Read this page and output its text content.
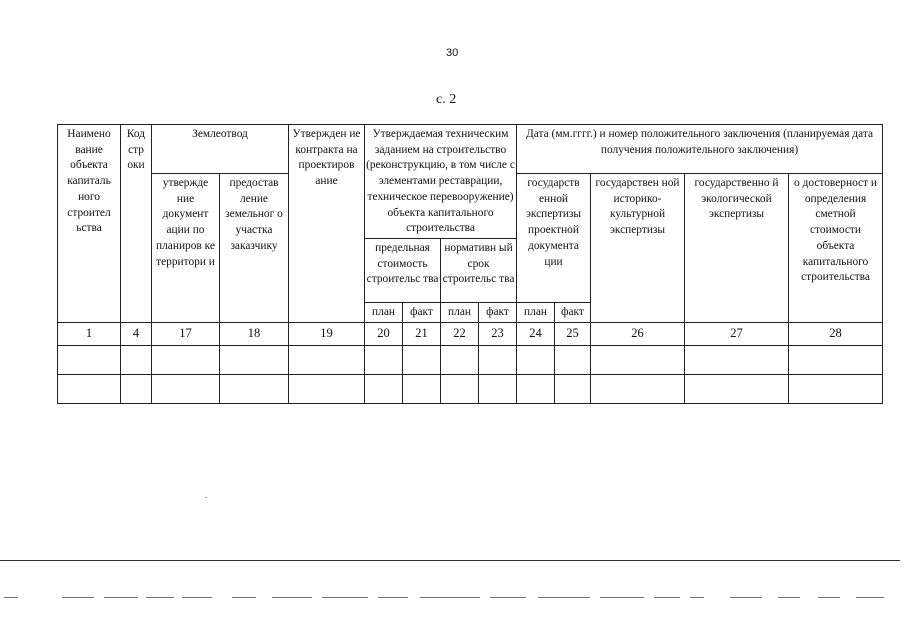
30
с. 2
Наимено вание объекта капиталь ного строител ьства	Код стр оки	Землеотвод		Утвержден ие контракта на проектиров ание	Утверждаемая техническим заданием на строительство (реконструкцию, в том числе с элементами реставрации, техническое перевооружение) объекта капитального строительства				Дата (мм.гггг.) и номер положительного заключения (планируемая дата получения положительного заключения)				
		утвержде ние документ ации по планиров ке территори и	предостав ление земельног о участка заказчику						государств енной экспертизы проектной документа ции		государствен ной историко- культурной экспертизы	государственно й экологической экспертизы	о достоверност и определения сметной стоимости объекта капитального строительства
					предельная стоимость строительс тва		нормативн ый срок строительс тва						
					план	факт	план	факт	план	факт			
1	4	17	18	19	20	21	22	23	24	25	26	27	28
